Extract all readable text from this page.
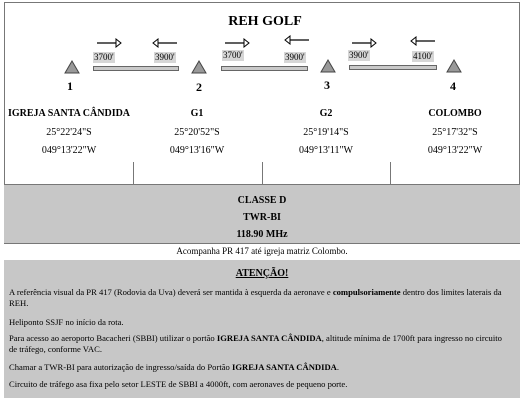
REH GOLF
3700'	3900'	3700'	3900'	3900'	4100'
1	2	3	4
IGREJA SANTA CÂNDIDA	G1	G2	COLOMBO
25°22'24"S	25°20'52"S	25°19'14"S	25°17'32"S
049°13'22"W	049°13'16"W	049°13'11"W	049°13'22"W
CLASSE D
TWR-BI
118.90 MHz
Acompanha PR 417 até igreja matriz Colombo.
ATENÇÃO!
A referência visual da PR 417 (Rodovia da Uva) deverá ser mantida à esquerda da aeronave e compulsoriamente dentro dos limites laterais da REH.
Heliponto SSJF no início da rota.
Para acesso ao aeroporto Bacacheri (SBBI) utilizar o portão IGREJA SANTA CÂNDIDA, altitude mínima de 1700ft para ingresso no circuito de tráfego, conforme VAC.
Chamar a TWR-BI para autorização de ingresso/saída do Portão IGREJA SANTA CÂNDIDA.
Circuito de tráfego asa fixa pelo setor LESTE de SBBI a 4000ft, com aeronaves de pequeno porte.
